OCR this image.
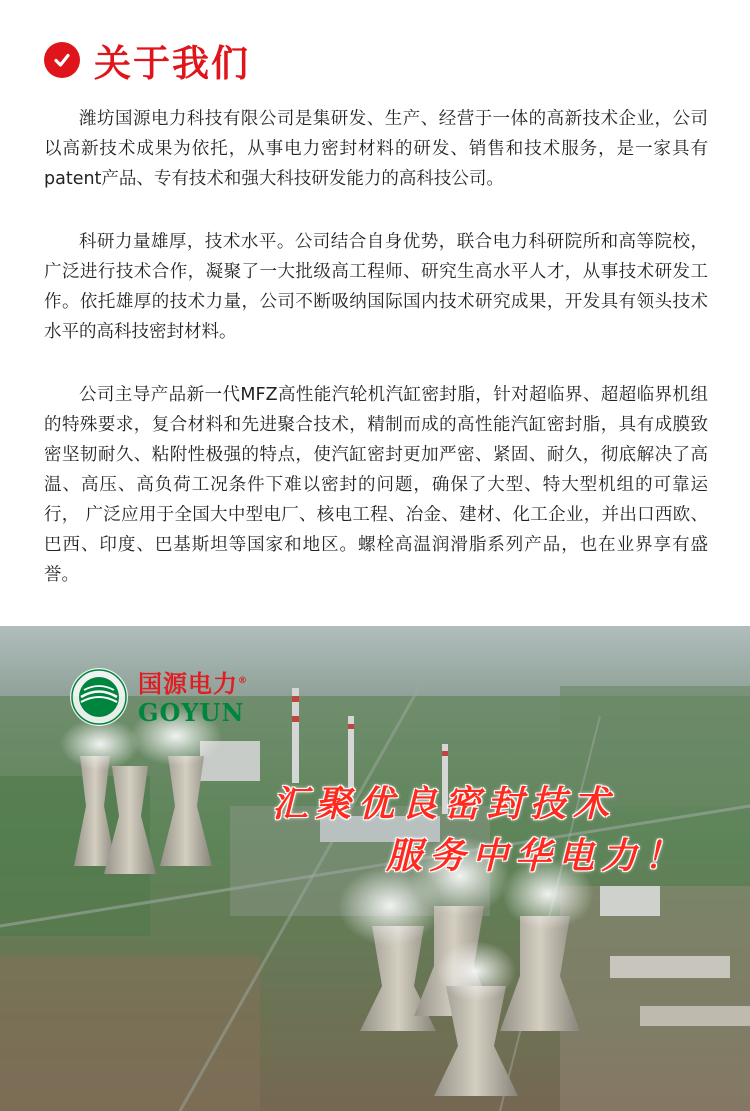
关于我们

潍坊国源电力科技有限公司是集研发、生产、经营于一体的高新技术企业，公司以高新技术成果为依托，从事电力密封材料的研发、销售和技术服务，是一家具有patent产品、专有技术和强大科技研发能力的高科技公司。

科研力量雄厚，技术水平。公司结合自身优势，联合电力科研院所和高等院校，广泛进行技术合作，凝聚了一大批级高工程师、研究生高水平人才，从事技术研发工作。依托雄厚的技术力量，公司不断吸纳国际国内技术研究成果，开发具有领头技术水平的高科技密封材料。

公司主导产品新一代MFZ高性能汽轮机汽缸密封脂，针对超临界、超超临界机组的特殊要求，复合材料和先进聚合技术，精制而成的高性能汽缸密封脂，具有成膜致密坚韧耐久、粘附性极强的特点，使汽缸密封更加严密、紧固、耐久，彻底解决了高温、高压、高负荷工况条件下难以密封的问题，确保了大型、特大型机组的可靠运行， 广泛应用于全国大中型电厂、核电工程、冶金、建材、化工企业，并出口西欧、巴西、印度、巴基斯坦等国家和地区。螺栓高温润滑脂系列产品，也在业界享有盛誉。

国源电力®
GOYUN
汇聚优良密封技术
服务中华电力！
